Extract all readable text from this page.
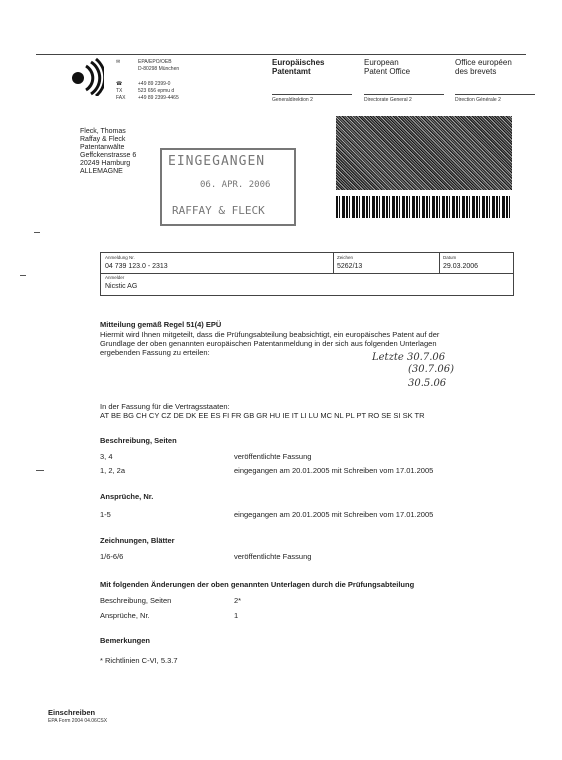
✉	EPA/EPO/OEB
D-80298 München
☎	+49 89 2399-0
TX	523 656 epmu d
FAX	+49 89 2399-4465
Europäisches
Patentamt
Generaldirektion 2
European
Patent Office
Directorate General 2
Office européen
des brevets
Direction Générale 2
Fleck, Thomas
Raffay & Fleck
Patentanwälte
Geffckenstrasse 6
20249 Hamburg
ALLEMAGNE
EINGEGANGEN
06. APR. 2006
RAFFAY & FLECK
Anmeldung Nr.
04 739 123.0 - 2313
Zeichen
5262/13
Datum
29.03.2006
Anmelder
Nicstic AG
Mitteilung gemäß Regel 51(4) EPÜ
Hiermit wird Ihnen mitgeteilt, dass die Prüfungsabteilung beabsichtigt, ein europäisches Patent auf der
Grundlage der oben genannten europäischen Patentanmeldung in der sich aus folgenden Unterlagen
ergebenden Fassung zu erteilen:	Letzte 30.7.06
(30.7.06)
30.5.06
In der Fassung für die Vertragsstaaten:
AT BE BG CH CY CZ DE DK EE ES FI FR GB GR HU IE IT LI LU MC NL PL PT RO SE SI SK TR
Beschreibung, Seiten
3, 4	veröffentlichte Fassung
1, 2, 2a	eingegangen am 20.01.2005 mit Schreiben vom 17.01.2005
Ansprüche, Nr.
1-5	eingegangen am 20.01.2005 mit Schreiben vom 17.01.2005
Zeichnungen, Blätter
1/6-6/6	veröffentlichte Fassung
Mit folgenden Änderungen der oben genannten Unterlagen durch die Prüfungsabteilung
Beschreibung, Seiten	2*
Ansprüche, Nr.	1
Bemerkungen
* Richtlinien C-VI, 5.3.7
Einschreiben
EPA Form 2004 04.06CSX
